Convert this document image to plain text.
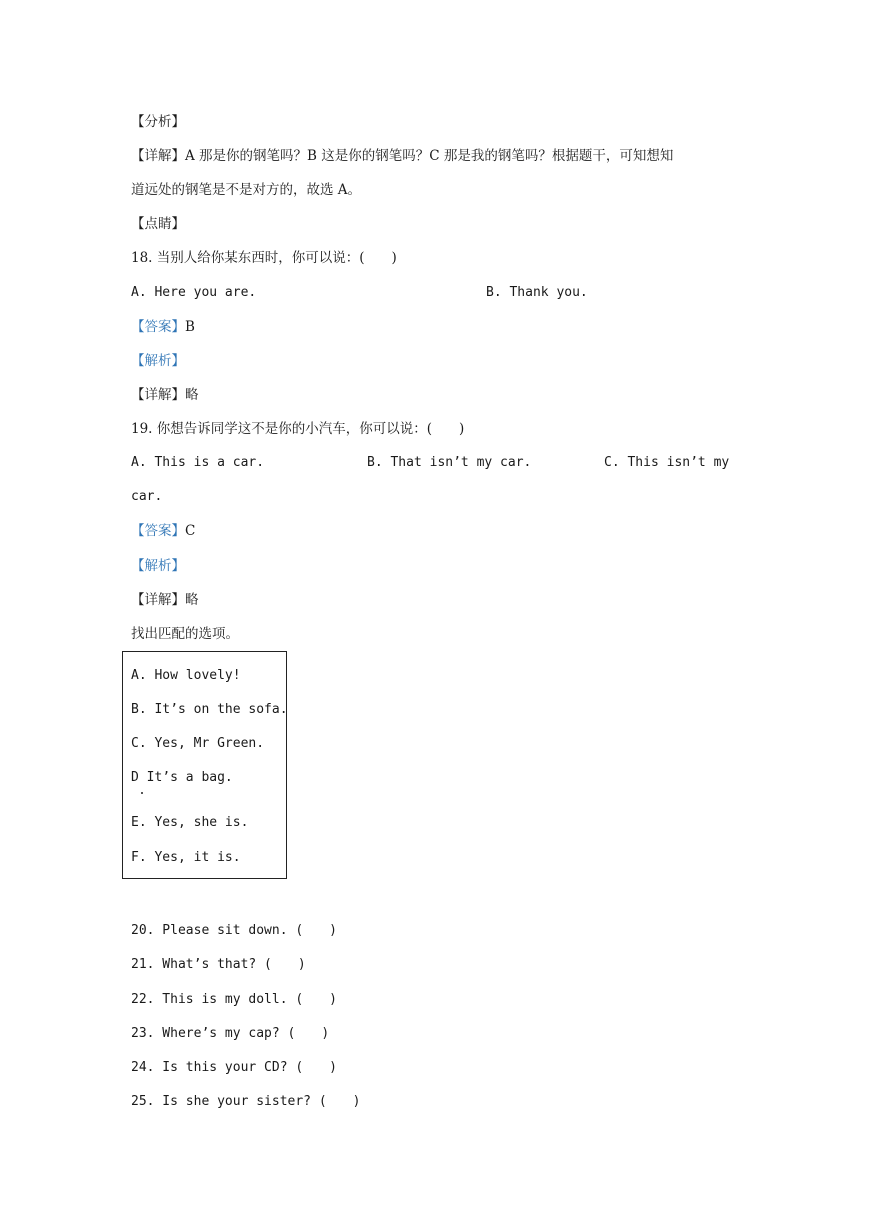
【分析】
【详解】A 那是你的钢笔吗？B 这是你的钢笔吗？C 那是我的钢笔吗？根据题干，可知想知
道远处的钢笔是不是对方的，故选 A。
【点睛】
18. 当别人给你某东西时，你可以说：(　　)
A. Here you are.	B. Thank you.
【答案】B
【解析】
【详解】略
19. 你想告诉同学这不是你的小汽车，你可以说：(　　)
A. This is a car.	B. That isn’t my car.	C. This isn’t my
car.
【答案】C
【解析】
【详解】略
找出匹配的选项。
A. How lovely!
B. It’s on the sofa.
C. Yes, Mr Green.
D It’s a bag.
E. Yes, she is.
F. Yes, it is.
20. Please sit down. (　　)
21. What’s that? (　　)
22. This is my doll. (　　)
23. Where’s my cap? (　　)
24. Is this your CD? (　　)
25. Is she your sister? (　　)
